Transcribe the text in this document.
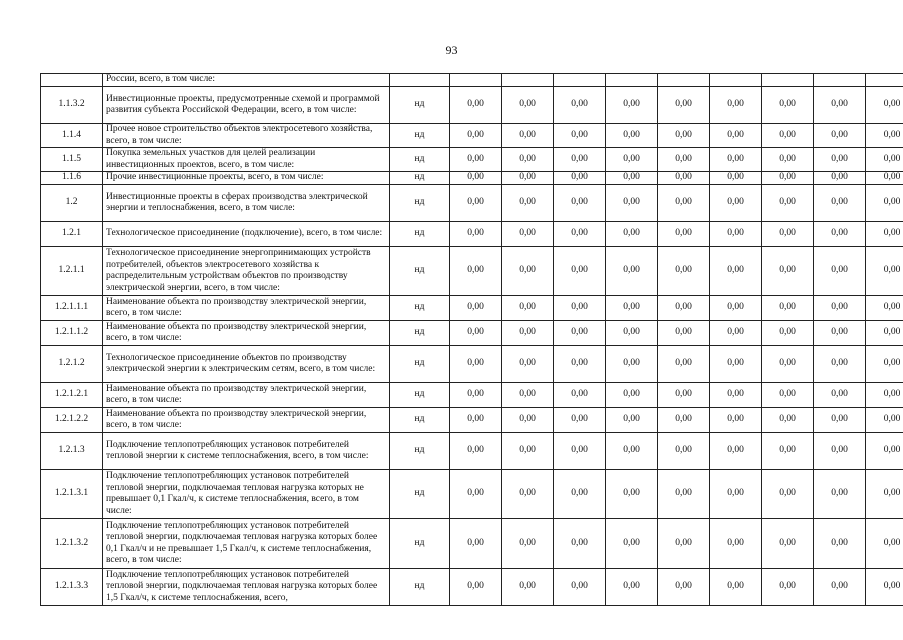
93
	России, всего, в том числе:										
1.1.3.2	Инвестиционные проекты, предусмотренные схемой и программой развития субъекта Российской Федерации, всего, в том числе:	нд	0,00	0,00	0,00	0,00	0,00	0,00	0,00	0,00	0,00
1.1.4	Прочее новое строительство объектов электросетевого хозяйства, всего, в том числе:	нд	0,00	0,00	0,00	0,00	0,00	0,00	0,00	0,00	0,00
1.1.5	Покупка земельных участков для целей реализации инвестиционных проектов, всего, в том числе:	нд	0,00	0,00	0,00	0,00	0,00	0,00	0,00	0,00	0,00
1.1.6	Прочие инвестиционные проекты, всего, в том числе:	нд	0,00	0,00	0,00	0,00	0,00	0,00	0,00	0,00	0,00
1.2	Инвестиционные проекты в сферах производства электрической энергии и теплоснабжения, всего, в том числе:	нд	0,00	0,00	0,00	0,00	0,00	0,00	0,00	0,00	0,00
1.2.1	Технологическое присоединение (подключение), всего, в том числе:	нд	0,00	0,00	0,00	0,00	0,00	0,00	0,00	0,00	0,00
1.2.1.1	Технологическое присоединение энергопринимающих устройств потребителей, объектов электросетевого хозяйства к распределительным устройствам объектов по производству электрической энергии, всего, в том числе:	нд	0,00	0,00	0,00	0,00	0,00	0,00	0,00	0,00	0,00
1.2.1.1.1	Наименование объекта по производству электрической энергии, всего, в том числе:	нд	0,00	0,00	0,00	0,00	0,00	0,00	0,00	0,00	0,00
1.2.1.1.2	Наименование объекта по производству электрической энергии, всего, в том числе:	нд	0,00	0,00	0,00	0,00	0,00	0,00	0,00	0,00	0,00
1.2.1.2	Технологическое присоединение объектов по производству электрической энергии к электрическим сетям, всего, в том числе:	нд	0,00	0,00	0,00	0,00	0,00	0,00	0,00	0,00	0,00
1.2.1.2.1	Наименование объекта по производству электрической энергии, всего, в том числе:	нд	0,00	0,00	0,00	0,00	0,00	0,00	0,00	0,00	0,00
1.2.1.2.2	Наименование объекта по производству электрической энергии, всего, в том числе:	нд	0,00	0,00	0,00	0,00	0,00	0,00	0,00	0,00	0,00
1.2.1.3	Подключение теплопотребляющих установок потребителей тепловой энергии к системе теплоснабжения, всего, в том числе:	нд	0,00	0,00	0,00	0,00	0,00	0,00	0,00	0,00	0,00
1.2.1.3.1	Подключение теплопотребляющих установок потребителей тепловой энергии, подключаемая тепловая нагрузка которых не превышает 0,1 Гкал/ч, к системе теплоснабжения, всего, в том числе:	нд	0,00	0,00	0,00	0,00	0,00	0,00	0,00	0,00	0,00
1.2.1.3.2	Подключение теплопотребляющих установок потребителей тепловой энергии, подключаемая тепловая нагрузка которых более 0,1 Гкал/ч и не превышает 1,5 Гкал/ч, к системе теплоснабжения, всего, в том числе:	нд	0,00	0,00	0,00	0,00	0,00	0,00	0,00	0,00	0,00
1.2.1.3.3	Подключение теплопотребляющих установок потребителей тепловой энергии, подключаемая тепловая нагрузка которых более 1,5 Гкал/ч, к системе теплоснабжения, всего,	нд	0,00	0,00	0,00	0,00	0,00	0,00	0,00	0,00	0,00
